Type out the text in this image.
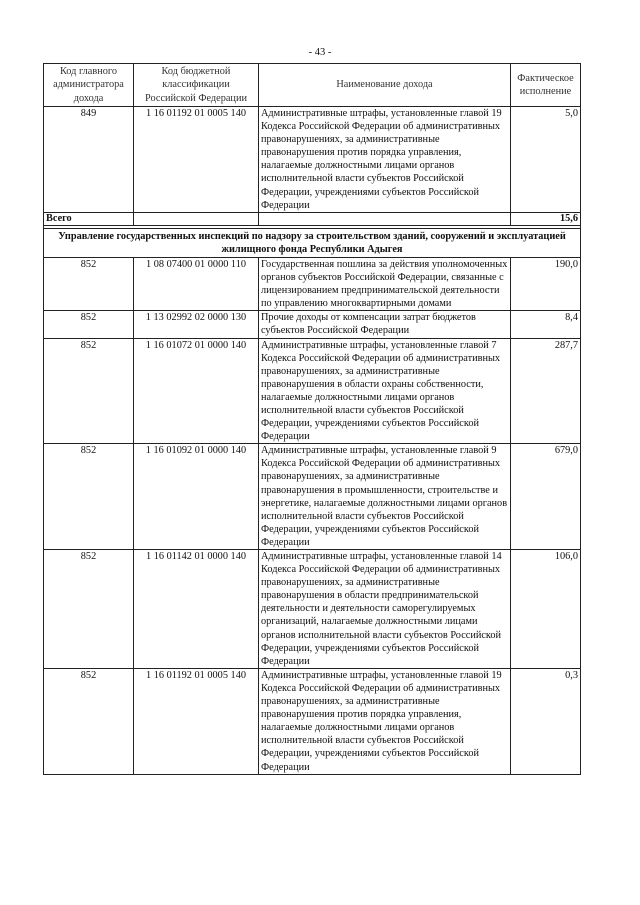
- 43 -
Код главного администратора дохода	Код бюджетной классификации Российской Федерации	Наименование дохода	Фактическое исполнение
849	1 16 01192 01 0005 140	Административные штрафы, установленные главой 19 Кодекса Российской Федерации об административных правонарушениях, за административные правонарушения против порядка управления, налагаемые должностными лицами органов исполнительной власти субъектов Российской Федерации, учреждениями субъектов Российской Федерации	5,0
Всего			15,6

Управление государственных инспекций по надзору за строительством зданий, сооружений и эксплуатацией жилищного фонда Республики Адыгея			
852	1 08 07400 01 0000 110	Государственная пошлина за действия уполномоченных органов субъектов Российской Федерации, связанные с лицензированием предпринимательской деятельности по управлению многоквартирными домами	190,0
852	1 13 02992 02 0000 130	Прочие доходы от компенсации затрат бюджетов субъектов Российской Федерации	8,4
852	1 16 01072 01 0000 140	Административные штрафы, установленные главой 7 Кодекса Российской Федерации об административных правонарушениях, за административные правонарушения в области охраны собственности, налагаемые должностными лицами органов исполнительной власти субъектов Российской Федерации, учреждениями субъектов Российской Федерации	287,7
852	1 16 01092 01 0000 140	Административные штрафы, установленные главой 9 Кодекса Российской Федерации об административных правонарушениях, за административные правонарушения в промышленности, строительстве и энергетике, налагаемые должностными лицами органов исполнительной власти субъектов Российской Федерации, учреждениями субъектов Российской Федерации	679,0
852	1 16 01142 01 0000 140	Административные штрафы, установленные главой 14 Кодекса Российской Федерации об административных правонарушениях, за административные правонарушения в области предпринимательской деятельности и деятельности саморегулируемых организаций, налагаемые должностными лицами органов исполнительной власти субъектов Российской Федерации, учреждениями субъектов Российской Федерации	106,0
852	1 16 01192 01 0005 140	Административные штрафы, установленные главой 19 Кодекса Российской Федерации об административных правонарушениях, за административные правонарушения против порядка управления, налагаемые должностными лицами органов исполнительной власти субъектов Российской Федерации, учреждениями субъектов Российской Федерации	0,3
